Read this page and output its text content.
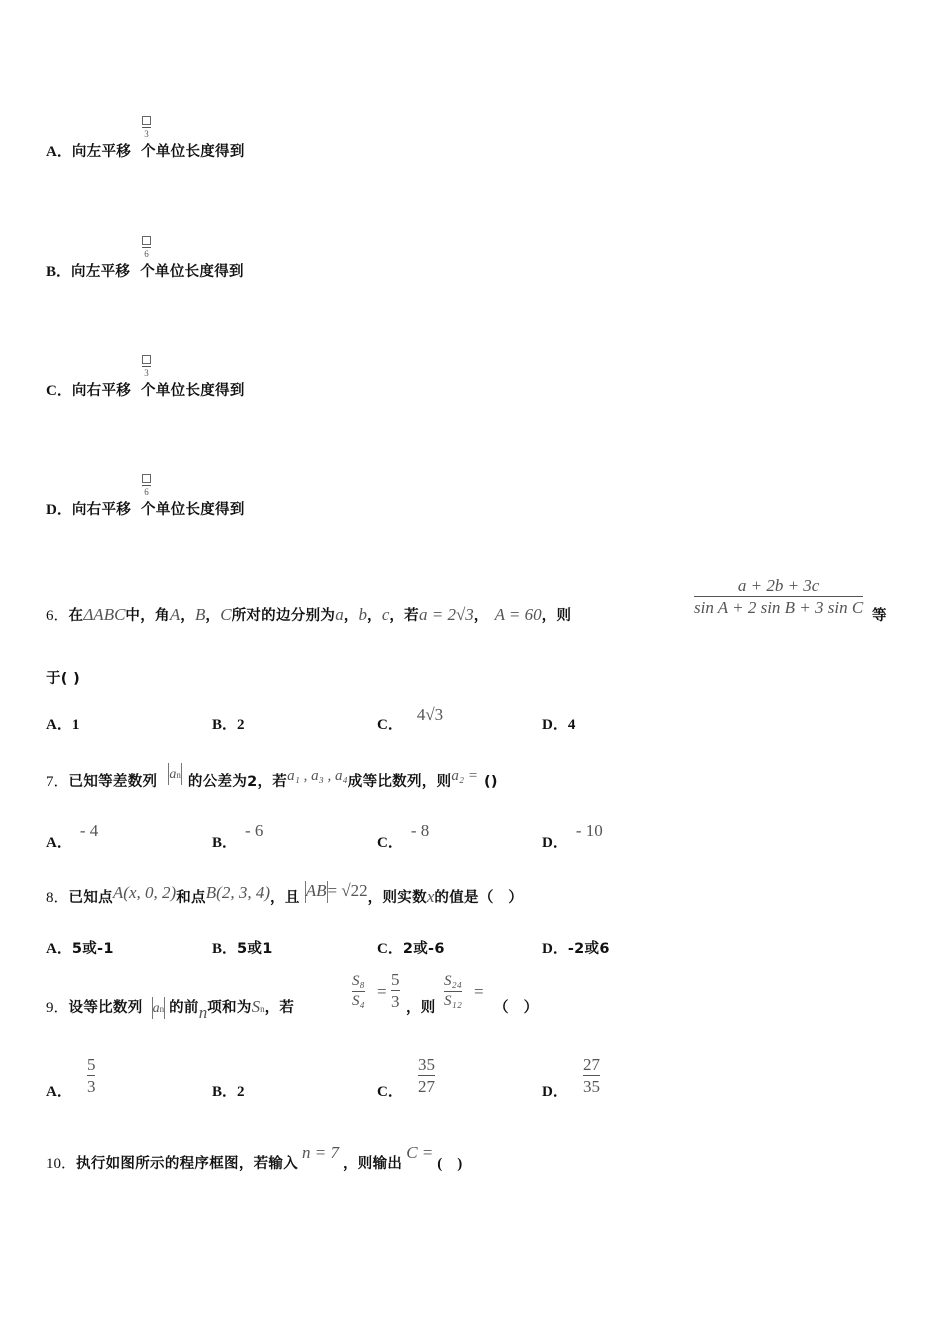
3
A．向左平移 个单位长度得到
6
B．向左平移 个单位长度得到
3
C．向右平移 个单位长度得到
6
D．向右平移 个单位长度得到
6．在ΔABC中，角A，B，C所对的边分别为a，b，c，若a = 2√3， A = 60，则	$\frac{a + 2b + 3c}{\text{sin A + 2 sin B + 3 sin C}}$ 等
于( )
A．1	B．2	C．4√3
D．4
7．已知等差数列 an 的公差为2，若a₁ , a₃ , a₄成等比数列，则a₂ = ()
A．- 4
B．- 6
C．- 8
D．- 10
8．已知点A(x, 0, 2)和点B(2, 3, 4)，且 AB= √22，则实数x的值是（　）
A．5或-1	B．5或1	C．2或-6	D．-2或6
9．设等比数列 an 的前n项和为Sn，若	$\frac{\text{S₈}}{\text{S₄}} = \frac{5}{3}$ ，则 $\frac{\text{S₂₄}}{\text{S₁₂}}$ =
（　）
A． $\frac{5}{3}$	B．2	C． $\frac{35}{27}$	D． $\frac{27}{35}$
10．执行如图所示的程序框图，若输入n = 7，则输出C =(　)
